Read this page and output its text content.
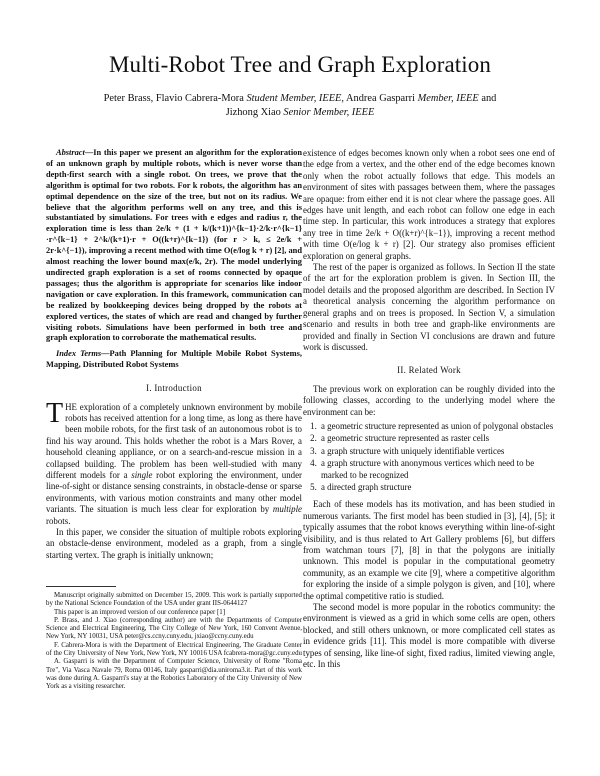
Multi-Robot Tree and Graph Exploration
Peter Brass, Flavio Cabrera-Mora Student Member, IEEE, Andrea Gasparri Member, IEEE and
Jizhong Xiao Senior Member, IEEE

Abstract—In this paper we present an algorithm for the exploration of an unknown graph by multiple robots, which is never worse than depth-first search with a single robot. On trees, we prove that the algorithm is optimal for two robots. For k robots, the algorithm has an optimal dependence on the size of the tree, but not on its radius. We believe that the algorithm performs well on any tree, and this is substantiated by simulations. For trees with e edges and radius r, the exploration time is less than 2e/k + (1 + k/(k+1))^{k−1}·2/k·r^{k−1}·r^{k−1} + 2^k/(k+1)·r + O((k+r)^{k−1}) (for r > k, ≤ 2e/k + 2r·k^{−1}), improving a recent method with time O(e/log k + r) [2], and almost reaching the lower bound max(e/k, 2r). The model underlying undirected graph exploration is a set of rooms connected by opaque passages; thus the algorithm is appropriate for scenarios like indoor navigation or cave exploration. In this framework, communication can be realized by bookkeeping devices being dropped by the robots at explored vertices, the states of which are read and changed by further visiting robots. Simulations have been performed in both tree and graph exploration to corroborate the mathematical results.

Index Terms—Path Planning for Multiple Mobile Robot Systems, Mapping, Distributed Robot Systems

I. Introduction

THE exploration of a completely unknown environment by mobile robots has received attention for a long time, as long as there have been mobile robots, for the first task of an autonomous robot is to find his way around. This holds whether the robot is a Mars Rover, a household cleaning appliance, or on a search-and-rescue mission in a collapsed building. The problem has been well-studied with many different models for a single robot exploring the environment, under line-of-sight or distance sensing constraints, in obstacle-dense or sparse environments, with various motion constraints and many other model variants. The situation is much less clear for exploration by multiple robots.

In this paper, we consider the situation of multiple robots exploring an obstacle-dense environment, modeled as a graph, from a single starting vertex. The graph is initially unknown;

Manuscript originally submitted on December 15, 2009. This work is partially supported by the National Science Foundation of the USA under grant IIS-0644127

This paper is an improved version of our conference paper [1]

P. Brass, and J. Xiao (corresponding author) are with the Departments of Computer Science and Electrical Engineering, The City College of New York, 160 Convent Avenue, New York, NY 10031, USA peter@cs.ccny.cuny.edu, jxiao@ccny.cuny.edu

F. Cabrera-Mora is with the Department of Electrical Engineering, The Graduate Center of the City University of New York, New York, NY 10016 USA fcabrera-mora@gc.cuny.edu

A. Gasparri is with the Department of Computer Science, University of Rome "Roma Tre", Via Vasca Navale 79, Roma 00146, Italy gasparri@dia.uniroma3.it. Part of this work was done during A. Gasparri's stay at the Robotics Laboratory of the City University of New York as a visiting researcher.

existence of edges becomes known only when a robot sees one end of the edge from a vertex, and the other end of the edge becomes known only when the robot actually follows that edge. This models an environment of sites with passages between them, where the passages are opaque: from either end it is not clear where the passage goes. All edges have unit length, and each robot can follow one edge in each time step. In particular, this work introduces a strategy that explores any tree in time 2e/k + O((k+r)^{k−1}), improving a recent method with time O(e/log k + r) [2]. Our strategy also promises efficient exploration on general graphs.

The rest of the paper is organized as follows. In Section II the state of the art for the exploration problem is given. In Section III, the model details and the proposed algorithm are described. In Section IV a theoretical analysis concerning the algorithm performance on general graphs and on trees is proposed. In Section V, a simulation scenario and results in both tree and graph-like environments are provided and finally in Section VI conclusions are drawn and future work is discussed.

II. Related Work

The previous work on exploration can be roughly divided into the following classes, according to the underlying model where the environment can be:

1. a geometric structure represented as union of polygonal obstacles
2. a geometric structure represented as raster cells
3. a graph structure with uniquely identifiable vertices
4. a graph structure with anonymous vertices which need to be marked to be recognized
5. a directed graph structure

Each of these models has its motivation, and has been studied in numerous variants. The first model has been studied in [3], [4], [5]; it typically assumes that the robot knows everything within line-of-sight visibility, and is thus related to Art Gallery problems [6], but differs from watchman tours [7], [8] in that the polygons are initially unknown. This model is popular in the computational geometry community, as an example we cite [9], where a competitive algorithm for exploring the inside of a simple polygon is given, and [10], where the optimal competitive ratio is studied.

The second model is more popular in the robotics community: the environment is viewed as a grid in which some cells are open, others blocked, and still others unknown, or more complicated cell states as in evidence grids [11]. This model is more compatible with diverse types of sensing, like line-of sight, fixed radius, limited viewing angle, etc. In this
